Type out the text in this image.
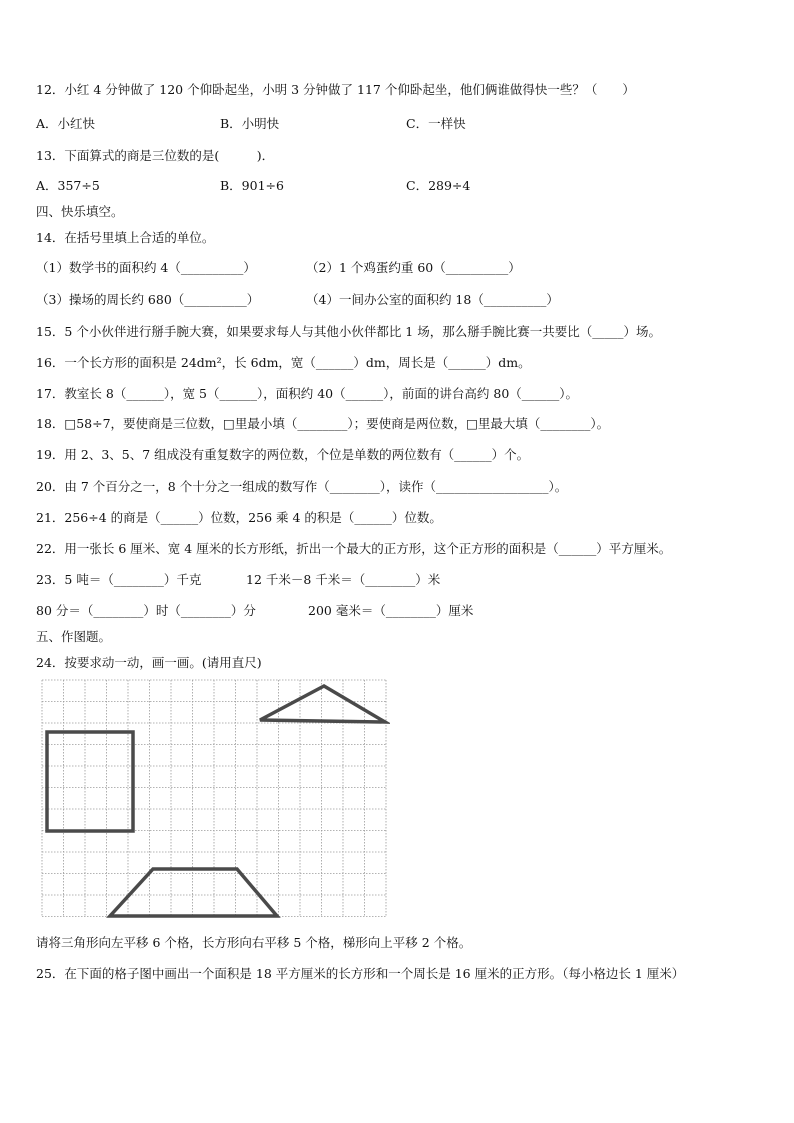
12．小红 4 分钟做了 120 个仰卧起坐，小明 3 分钟做了 117 个仰卧起坐，他们俩谁做得快一些？（　　）
A．小红快	B．小明快	C．一样快
13．下面算式的商是三位数的是(　　　)．
A．357÷5	B．901÷6	C．289÷4
四、快乐填空。
14．在括号里填上合适的单位。
（1）数学书的面积约 4（__________）	（2）1 个鸡蛋约重 60（__________）
（3）操场的周长约 680（__________）	（4）一间办公室的面积约 18（__________）
15．5 个小伙伴进行掰手腕大赛，如果要求每人与其他小伙伴都比 1 场，那么掰手腕比赛一共要比（_____）场。
16．一个长方形的面积是 24dm²，长 6dm，宽（______）dm，周长是（______）dm。
17．教室长 8（______），宽 5（______），面积约 40（______），前面的讲台高约 80（______）。
18．□58÷7，要使商是三位数，□里最小填（________）；要使商是两位数，□里最大填（________）。
19．用 2、3、5、7 组成没有重复数字的两位数，个位是单数的两位数有（______）个。
20．由 7 个百分之一，8 个十分之一组成的数写作（________），读作（__________________）。
21．256÷4 的商是（______）位数，256 乘 4 的积是（______）位数。
22．用一张长 6 厘米、宽 4 厘米的长方形纸，折出一个最大的正方形，这个正方形的面积是（______）平方厘米。
23．5 吨＝（________）千克	12 千米－8 千米＝（________）米
80 分＝（________）时（________）分	200 毫米＝（________）厘米
五、作图题。
24．按要求动一动，画一画。(请用直尺)
请将三角形向左平移 6 个格，长方形向右平移 5 个格，梯形向上平移 2 个格。
25．在下面的格子图中画出一个面积是 18 平方厘米的长方形和一个周长是 16 厘米的正方形。（每小格边长 1 厘米）
